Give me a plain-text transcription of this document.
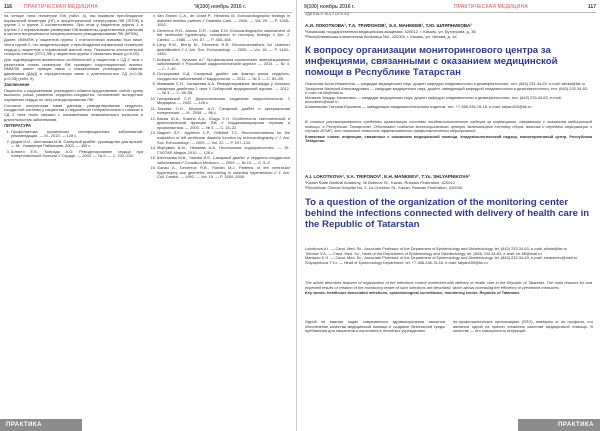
116 ПРАКТИЧЕСКАЯ МЕДИЦИНА	'9(100) ноябрь 2016 г.

на четыре типа геометрии ЛЖ (табл. 4), мы выявили преобладание нормальной геометрии (НГ) и эксцентрической гипертрофии ЛЖ (ЭГЛЖ) в группе 1 и группе 2 соответственно. При этом у пациентов группы 1 и группы 2 с нормальными размерами ЛЖ выявлены существенные различия в частоте встречаемости концентрического ремоделирования ЛЖ (КРЛЖ).

Далее, ИММЛЖ у пациентов группы 1 статистически значимо был ниже, чем в группе 2, что свидетельствует о преобладании нормальной геометрии сердца у пациентов с нормальной массой тела. Показатели относительной толщины стенки (ОТС) ЛЖ у пациентов группы 2 оказались выше (p<0,05).

Для подтверждения выявленных особенностей у пациентов с СД 2 типа с различным типом геометрии ЛЖ проведен корреляционный анализ: ИММЛЖ имеет прямую связь с показателями углеводного обмена, давлением (ДАД) и отрицательную связь с длительностью СД (r=0,38; p<0,05) (табл. 5).

Заключение

Пациенты с нарушениями углеводного обмена представляют собой группу высокого риска развития сердечно-сосудистых осложнений вследствие поражения сердца по типу ремоделирования ЛЖ.

Согласно полученным нами данным, ремоделирование сердечно-сосудистой системы у пациентов с нарушенной толерантностью к глюкозе и СД 2 типа тесно связано с показателями гликемического контроля и длительностью заболевания.

ЛИТЕРАТУРА
1. Профилактика хронических неинфекционных заболеваний: рекомендации. — М., 2013. — 128 с.
2. Дедов И.И., Шестакова М.В. Сахарный диабет: руководство для врачей. — М.: Универсум Паблишинг, 2003. — 455 с.
3. Шляхто Е.В., Конради А.О. Ремоделирование сердца при гипертонической болезни // Сердце. — 2002. — № 5. — С. 232–234.
4. Van Ekelen C.A., de Graaf P., Hendriks M. Echocardiographic findings in diabetes mellitus patients // Diabetes Care. — 2006. — Vol. 29. — P. 1048–1052.
5. Devereux R.B., Alonso D.R., Lutas E.M. Echocardiographic assessment of left ventricular hypertrophy: comparison to necropsy findings // Am. J. Cardiol. — 1986. — Vol. 57. — P. 450–458.
6. Lang R.M., Bierig M., Devereux R.B. Recommendations for chamber quantification // J. Am. Soc. Echocardiogr. — 2005. — Vol. 18. — P. 1440–1463.
7. Бойцов С.А., Чучалин А.Г. Профилактика хронических неинфекционных заболеваний // Российский кардиологический журнал. — 2014. — № 4. — С. 7–10.
8. Остроумова О.Д. Сахарный диабет как фактор риска сердечно-сосудистых заболеваний // Кардиология. — 2011. — № 3. — С. 82–89.
9. Маммаев С.Н., Хагажеева А.А. Ремоделирование миокарда у больных сахарным диабетом 2 типа // Сибирский медицинский журнал. — 2012. — № 4. — С. 55–58.
10. Гиляревский С.Р. Диастолическая сердечная недостаточность // Медицина. — 2002. — 128 с.
11. Ткачева О.Н., Верткин А.Л. Сахарный диабет и артериальная гипертензия. — М., 2008. — 96 с.
12. Васюк Ю.А., Козина А.А., Ющук Е.Н. Особенности систолической и диастолической функции ЛЖ // Кардиоваскулярная терапия и профилактика. — 2003. — № 3. — С. 16–22.
13. Nagueh S.F., Appleton C.P., Gillebert T.C. Recommendations for the evaluation of left ventricular diastolic function by echocardiography // J. Am. Soc. Echocardiogr. — 2009. — Vol. 22. — P. 107–133.
14. Мкртумян А.М., Нелаева А.А. Неотложная эндокринология. — М.: ГЭОТАР-Медиа, 2010. — 128 с.
15. Шестакова М.В., Чазова И.Е. Сахарный диабет и сердечно-сосудистые заболевания // Consilium Medicum. — 2009. — № 10. — С. 5–9.
16. Ganau A., Devereux R.B., Roman M.J. Patterns of left ventricular hypertrophy and geometric remodeling in essential hypertension // J. Am. Coll. Cardiol. — 1992. — Vol. 19. — P. 1550–1558.
ПРАКТИКА
9(100) ноябрь 2016 г.	ПРАКТИЧЕСКАЯ МЕДИЦИНА	117
УДК 616.9: 614.2 (470.41)
А.И. ЛОКОТКОВА¹, Т.А. ТРИФОНОВ¹, Э.Х. МАНКЕЕВ¹, Т.Ю. ШЛЯПНИКОВА²
¹Казанская государственная медицинская академия, 420012, г. Казань, ул. Бутлерова, д. 36
²Республиканская клиническая больница №2, 420000, г. Казань, ул. Чехова, д. 1а
К вопросу организации мониторингового центра за инфекциями, связанными с оказанием медицинской помощи в Республике Татарстан

Локоткова Алла Ильинична — кандидат медицинских наук, доцент кафедры эпидемиологии и дезинфектологии, тел. (843) 233-34-63, e-mail: alloka@list.ru

Трифонов Валерий Александрович — кандидат медицинских наук, доцент, заведующий кафедрой эпидемиологии и дезинфектологии, тел. (843) 233-34-63, e-mail: vtr-68@mail.ru

Манкеев Эльдар Хасянович — кандидат медицинских наук, доцент кафедры эпидемиологии и дезинфектологии, тел. (843) 233-34-63, e-mail: emankeev@mail.ru

Шляпникова Татьяна Юрьевна — заведующая эпидемиологическим отделом, тел. +7-988-336-78-16, e-mail: tatyan450@bk.ru

В статье рассматриваются проблемы организации системы эпидемиологического надзора за инфекциями, связанными с оказанием медицинской помощи, в Республике Татарстан. Обосновано создание мониторингового центра, включающего систему сбора, анализа и передачи информации о случаях ИСМП, что позволит повысить эффективность профилактических мероприятий.
Ключевые слова: инфекции, связанные с оказанием медицинской помощи, эпидемиологический надзор, мониторинговый центр, Республика Татарстан.
A.I. LOKOTKOVA¹, V.A. TRIFONOV¹, E.H. MANKEEV¹, T.Yu. SHLYAPNIKOVA²
¹Kazan State Medical Academy, 36 Butlerov St., Kazan, Russian Federation, 420012
²Republican Clinical Hospital No. 2, 1a Chekhov St., Kazan, Russian Federation, 420000
To a question of the organization of the monitoring center behind the infections connected with delivery of health care in the Republic of Tatarstan

Lokotkova A.I. — Cand. Med. Sc., Associate Professor of the Department of Epidemiology and Disinfectology, tel. (843) 233-34-63, e-mail: alloka@list.ru

Trifonov V.A. — Cand. Med. Sc., Head of the Department of Epidemiology and Disinfectology, tel. (843) 233-34-63, e-mail: vtr-68@mail.ru

Mankeev E.H. — Cand. Med. Sc., Associate Professor of the Department of Epidemiology and Disinfectology, tel. (843) 233-34-63, e-mail: emankeev@mail.ru

Shlyapnikova T.Yu. — Head of Epidemiology Department, tel. +7-988-336-78-16, e-mail: tatyan450@bk.ru

The article describes features of organization of the infections control connected with delivery of health care in the Republic of Tatarstan. The main reasons for and expected results of creation of the monitoring center of such infections are described, which allows increasing the efficiency of preventive measures.
Key words: healthcare associated infections, epidemiological surveillance, monitoring center, Republic of Tatarstan.
Одной из важных задач современного здравоохранения является обеспечение качества медицинской помощи и создание безопасной среды пребывания для пациентов и персонала в лечебных учреждениях.
но-профилактических организациях (ЛПО), невзирая от их профиля, что является одной из причин снижения качества медицинской помощи. В качестве — это совокупность инфекций.
ПРАКТИКА
